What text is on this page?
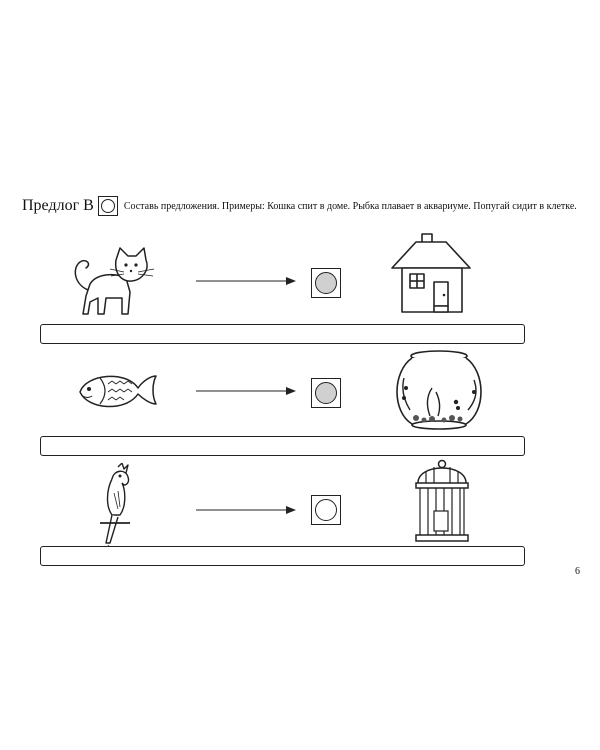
Предлог В	Составь предложения. Примеры: Кошка спит в доме. Рыбка плавает в аквариуме. Попугай сидит в клетке.
6
